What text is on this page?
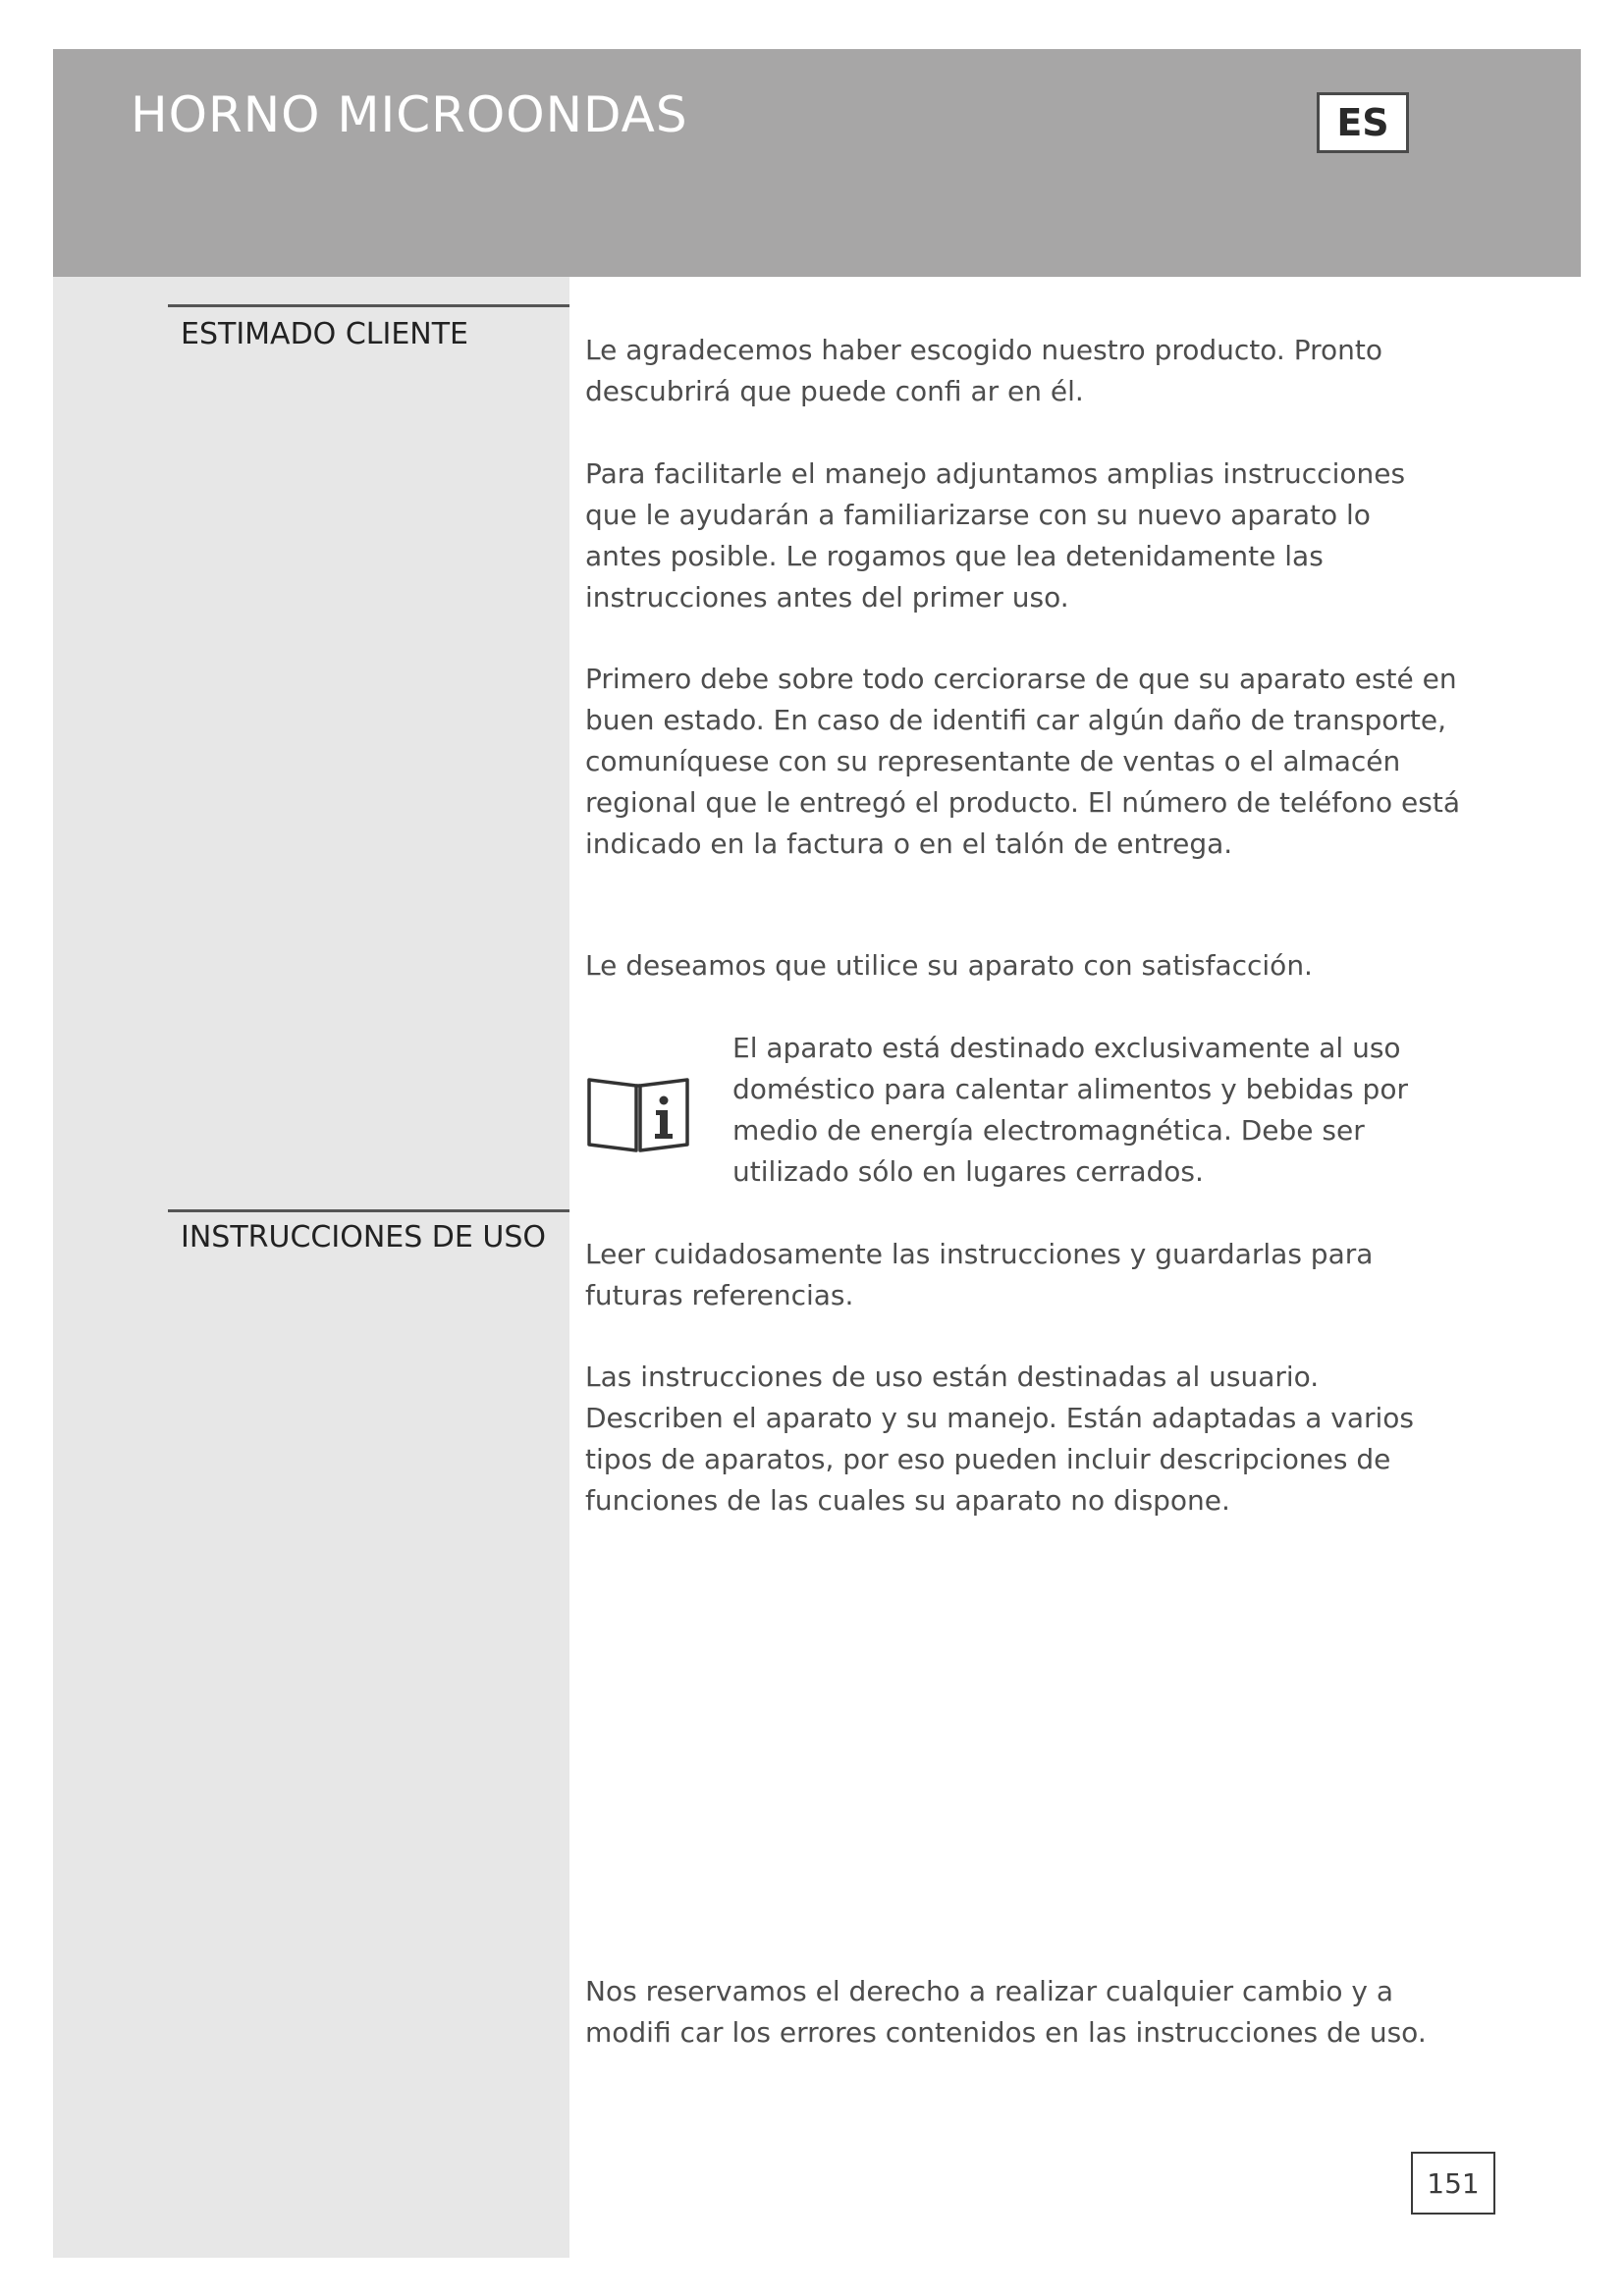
HORNO MICROONDAS	ES
ESTIMADO CLIENTE	Le agradecemos haber escogido nuestro producto. Pronto descubrirá que puede confi ar en él.

Para facilitarle el manejo adjuntamos amplias instrucciones que le ayudarán a familiarizarse con su nuevo aparato lo antes posible. Le rogamos que lea detenidamente las instrucciones antes del primer uso.

Primero debe sobre todo cerciorarse de que su aparato esté en buen estado. En caso de identifi car algún daño de transporte, comuníquese con su representante de ventas o el almacén regional que le entregó el producto. El número de teléfono está indicado en la factura o en el talón de entrega.

Le deseamos que utilice su aparato con satisfacción.

El aparato está destinado exclusivamente al uso doméstico para calentar alimentos y bebidas por medio de energía electromagnética. Debe ser utilizado sólo en lugares cerrados.

INSTRUCCIONES DE USO Leer cuidadosamente las instrucciones y guardarlas para futuras referencias.

Las instrucciones de uso están destinadas al usuario. Describen el aparato y su manejo. Están adaptadas a varios tipos de aparatos, por eso pueden incluir descripciones de funciones de las cuales su aparato no dispone.

Nos reservamos el derecho a realizar cualquier cambio y a modifi car los errores contenidos en las instrucciones de uso.

151
